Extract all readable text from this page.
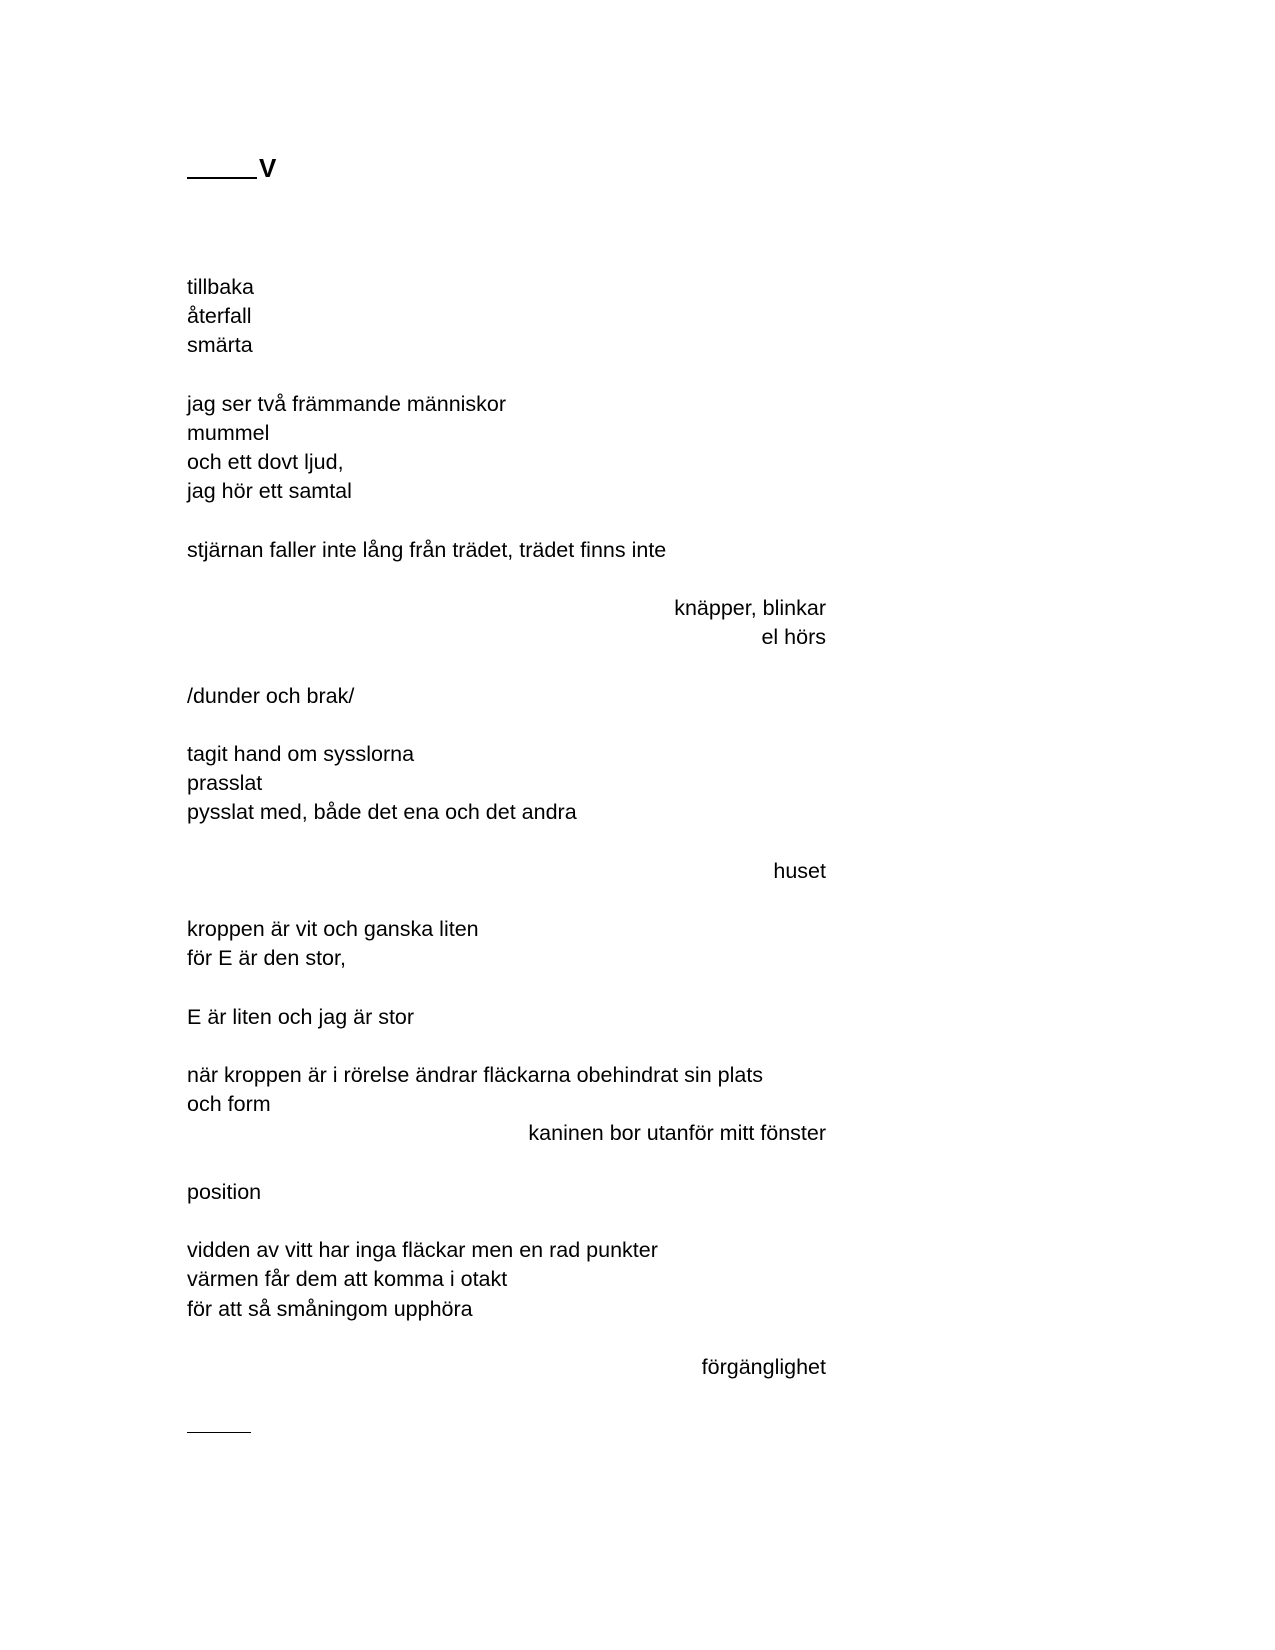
V
tillbaka
återfall
smärta
jag ser två främmande människor
mummel
och ett dovt ljud,
jag hör ett samtal
stjärnan faller inte lång från trädet, trädet finns inte
knäpper, blinkar
el hörs
/dunder och brak/
tagit hand om sysslorna
prasslat
pysslat med, både det ena och det andra
huset
kroppen är vit och ganska liten
för E är den stor,
E är liten och jag är stor
när kroppen är i rörelse ändrar fläckarna obehindrat sin plats
och form
kaninen bor utanför mitt fönster
position
vidden av vitt har inga fläckar men en rad punkter
värmen får dem att komma i otakt
för att så småningom upphöra
förgänglighet
